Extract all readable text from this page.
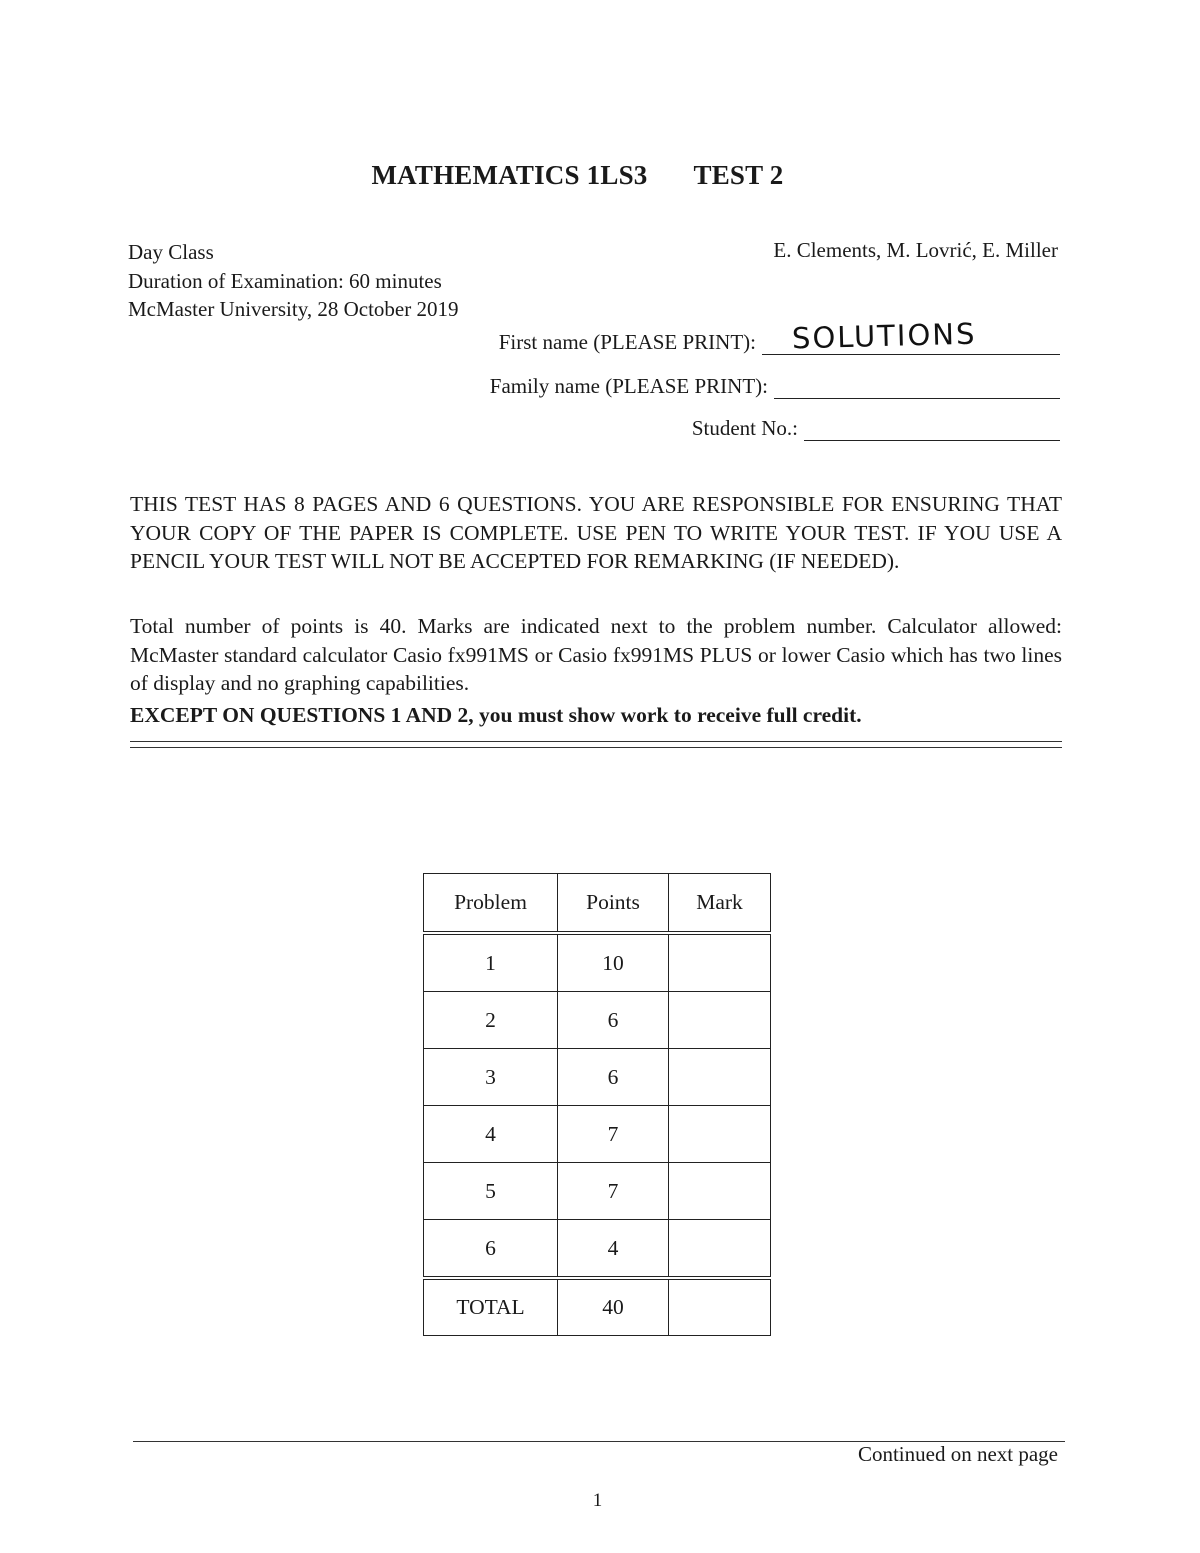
MATHEMATICS 1LS3 TEST 2
Day Class
Duration of Examination: 60 minutes
McMaster University, 28 October 2019
E. Clements, M. Lovrić, E. Miller
First name (PLEASE PRINT): SOLUTIONS
Family name (PLEASE PRINT):
Student No.:
THIS TEST HAS 8 PAGES AND 6 QUESTIONS. YOU ARE RESPONSIBLE FOR ENSURING THAT YOUR COPY OF THE PAPER IS COMPLETE. USE PEN TO WRITE YOUR TEST. IF YOU USE A PENCIL YOUR TEST WILL NOT BE ACCEPTED FOR REMARKING (IF NEEDED).
Total number of points is 40. Marks are indicated next to the problem number. Calculator allowed: McMaster standard calculator Casio fx991MS or Casio fx991MS PLUS or lower Casio which has two lines of display and no graphing capabilities.
EXCEPT ON QUESTIONS 1 AND 2, you must show work to receive full credit.
Problem	Points	Mark
1	10	
2	6	
3	6	
4	7	
5	7	
6	4	
TOTAL	40	
Continued on next page
1
